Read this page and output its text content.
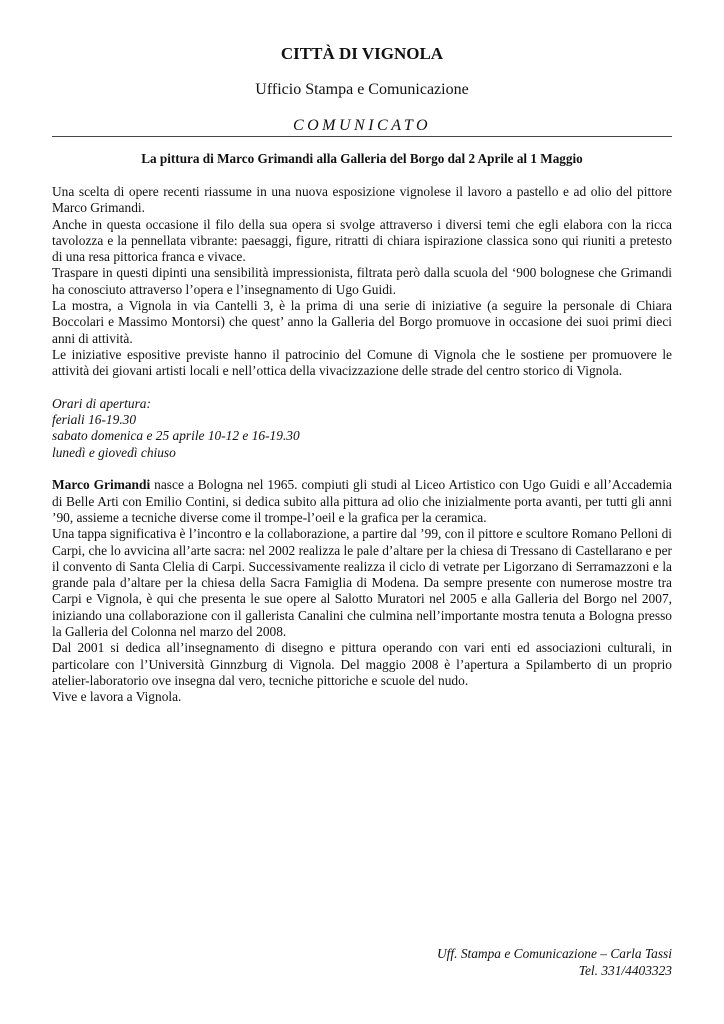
CITTÀ DI VIGNOLA
Ufficio Stampa e Comunicazione
COMUNICATO
La pittura di Marco Grimandi alla Galleria del Borgo dal 2 Aprile al 1 Maggio

Una scelta di opere recenti riassume in una nuova esposizione vignolese il lavoro a pastello e ad olio del pittore Marco Grimandi.

Anche in questa occasione il filo della sua opera si svolge attraverso i diversi temi che egli elabora con la ricca tavolozza e la pennellata vibrante: paesaggi, figure, ritratti di chiara ispirazione classica sono qui riuniti a pretesto di una resa pittorica franca e vivace.

Traspare in questi dipinti una sensibilità impressionista, filtrata però dalla scuola del ‘900 bolognese che Grimandi ha conosciuto attraverso l’opera e l’insegnamento di Ugo Guidi.

La mostra, a Vignola in via Cantelli 3, è la prima di una serie di iniziative (a seguire la personale di Chiara Boccolari e Massimo Montorsi) che quest’ anno la Galleria del Borgo promuove in occasione dei suoi primi dieci anni di attività.

Le iniziative espositive previste hanno il patrocinio del Comune di Vignola che le sostiene per promuovere le attività dei giovani artisti locali e nell’ottica della vivacizzazione delle strade del centro storico di Vignola.

Orari di apertura:

feriali 16-19.30

sabato domenica e 25 aprile 10-12 e 16-19.30

lunedì e giovedì chiuso

Marco Grimandi nasce a Bologna nel 1965. compiuti gli studi al Liceo Artistico con Ugo Guidi e all’Accademia di Belle Arti con Emilio Contini, si dedica subito alla pittura ad olio che inizialmente porta avanti, per tutti gli anni ’90, assieme a tecniche diverse come il trompe-l’oeil e la grafica per la ceramica.

Una tappa significativa è l’incontro e la collaborazione, a partire dal ’99, con il pittore e scultore Romano Pelloni di Carpi, che lo avvicina all’arte sacra: nel 2002 realizza le pale d’altare per la chiesa di Tressano di Castellarano e per il convento di Santa Clelia di Carpi. Successivamente realizza il ciclo di vetrate per Ligorzano di Serramazzoni e la grande pala d’altare per la chiesa della Sacra Famiglia di Modena. Da sempre presente con numerose mostre tra Carpi e Vignola, è qui che presenta le sue opere al Salotto Muratori nel 2005 e alla Galleria del Borgo nel 2007, iniziando una collaborazione con il gallerista Canalini che culmina nell’importante mostra tenuta a Bologna presso la Galleria del Colonna nel marzo del 2008.

Dal 2001 si dedica all’insegnamento di disegno e pittura operando con vari enti ed associazioni culturali, in particolare con l’Università Ginnzburg di Vignola. Del maggio 2008 è l’apertura a Spilamberto di un proprio atelier-laboratorio ove insegna dal vero, tecniche pittoriche e scuole del nudo.

Vive e lavora a Vignola.

Uff. Stampa e Comunicazione – Carla Tassi
Tel. 331/4403323
